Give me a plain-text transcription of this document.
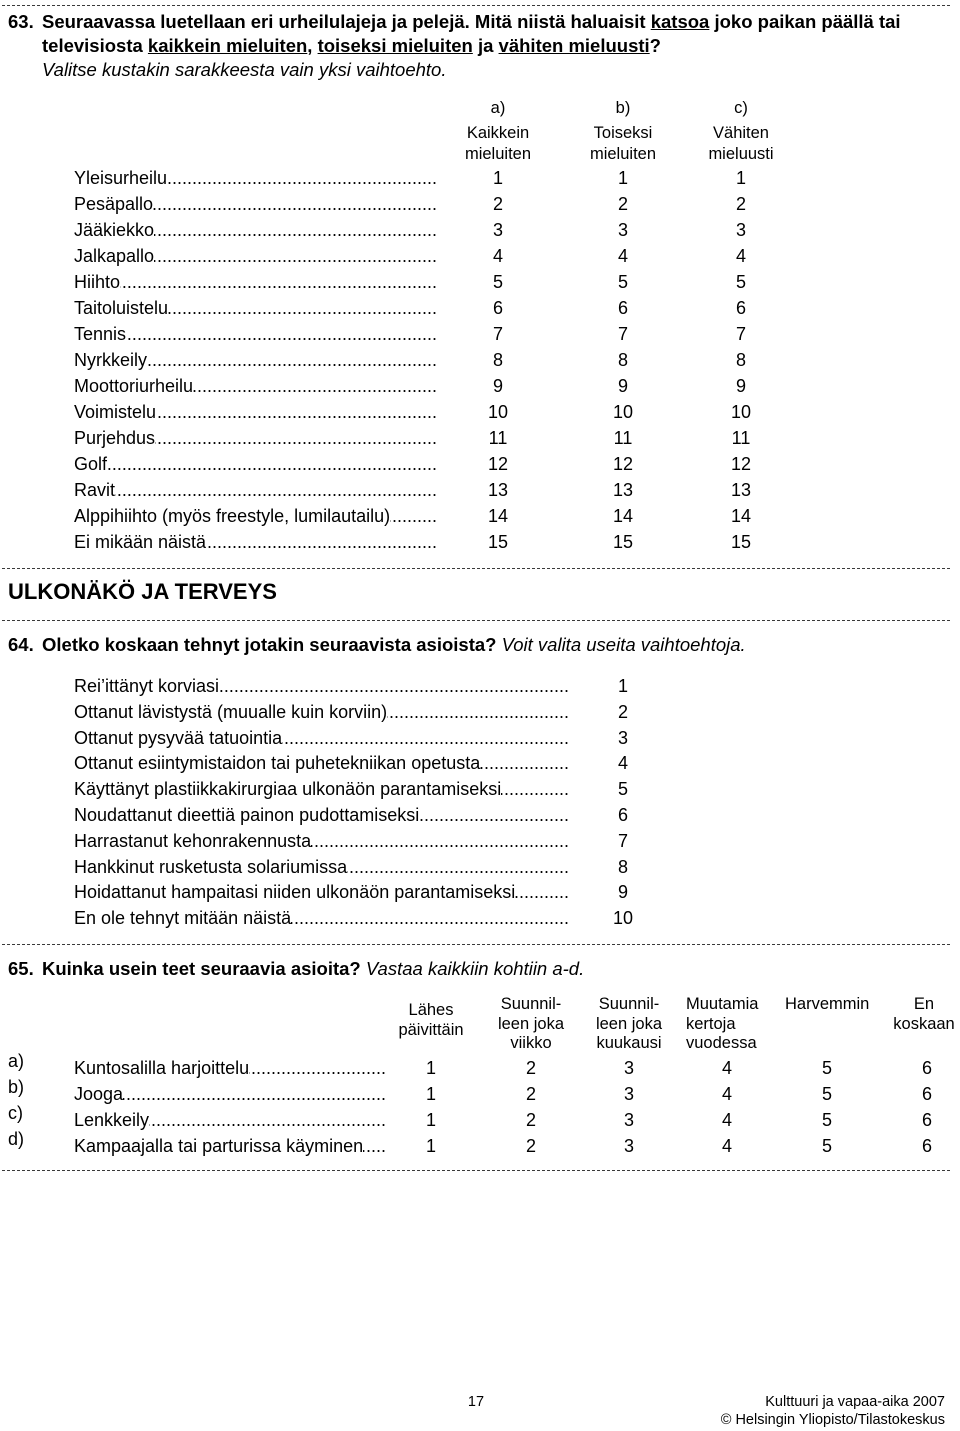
63. Seuraavassa luetellaan eri urheilulajeja ja pelejä. Mitä niistä haluaisit katsoa joko paikan päällä tai
televisiosta kaikkein mieluiten, toiseksi mieluiten ja vähiten mieluusti?
Valitse kustakin sarakkeesta vain yksi vaihtoehto.
a)
Kaikkein
mieluiten
b)
Toiseksi
mieluiten
c)
Vähiten
mieluusti
Yleisurheilu .....	1	1	1
Pesäpallo .....	2	2	2
Jääkiekko .....	3	3	3
Jalkapallo .....	4	4	4
Hiihto .....	5	5	5
Taitoluistelu .....	6	6	6
Tennis .....	7	7	7
Nyrkkeily .....	8	8	8
Moottoriurheilu .....	9	9	9
Voimistelu .....	10	10	10
Purjehdus .....	11	11	11
Golf .....	12	12	12
Ravit .....	13	13	13
Alppihiihto (myös freestyle, lumilautailu) .....	14	14	14
Ei mikään näistä .....	15	15	15
ULKONÄKÖ JA TERVEYS
64. Oletko koskaan tehnyt jotakin seuraavista asioista? Voit valita useita vaihtoehtoja.
Rei’ittänyt korviasi .....	1
Ottanut lävistystä (muualle kuin korviin) .....	2
Ottanut pysyvää tatuointia .....	3
Ottanut esiintymistaidon tai puhetekniikan opetusta .....	4
Käyttänyt plastiikkakirurgiaa ulkonäön parantamiseksi .....	5
Noudattanut dieettiä painon pudottamiseksi .....	6
Harrastanut kehonrakennusta .....	7
Hankkinut rusketusta solariumissa .....	8
Hoidattanut hampaitasi niiden ulkonäön parantamiseksi .....	9
En ole tehnyt mitään näistä .....	10
65. Kuinka usein teet seuraavia asioita? Vastaa kaikkiin kohtiin a-d.
Lähes
päivittäin
Suunnil-
leen joka
viikko
Suunnil-
leen joka
kuukausi
Muutamia
kertoja
vuodessa
Harvemmin	En
koskaan
a)	Kuntosalilla harjoittelu .....	1	2	3	4	5	6
b)	Jooga .....	1	2	3	4	5	6
c)	Lenkkeily .....	1	2	3	4	5	6
d)	Kampaajalla tai parturissa käyminen .....	1	2	3	4	5	6
17	Kulttuuri ja vapaa-aika 2007
© Helsingin Yliopisto/Tilastokeskus
